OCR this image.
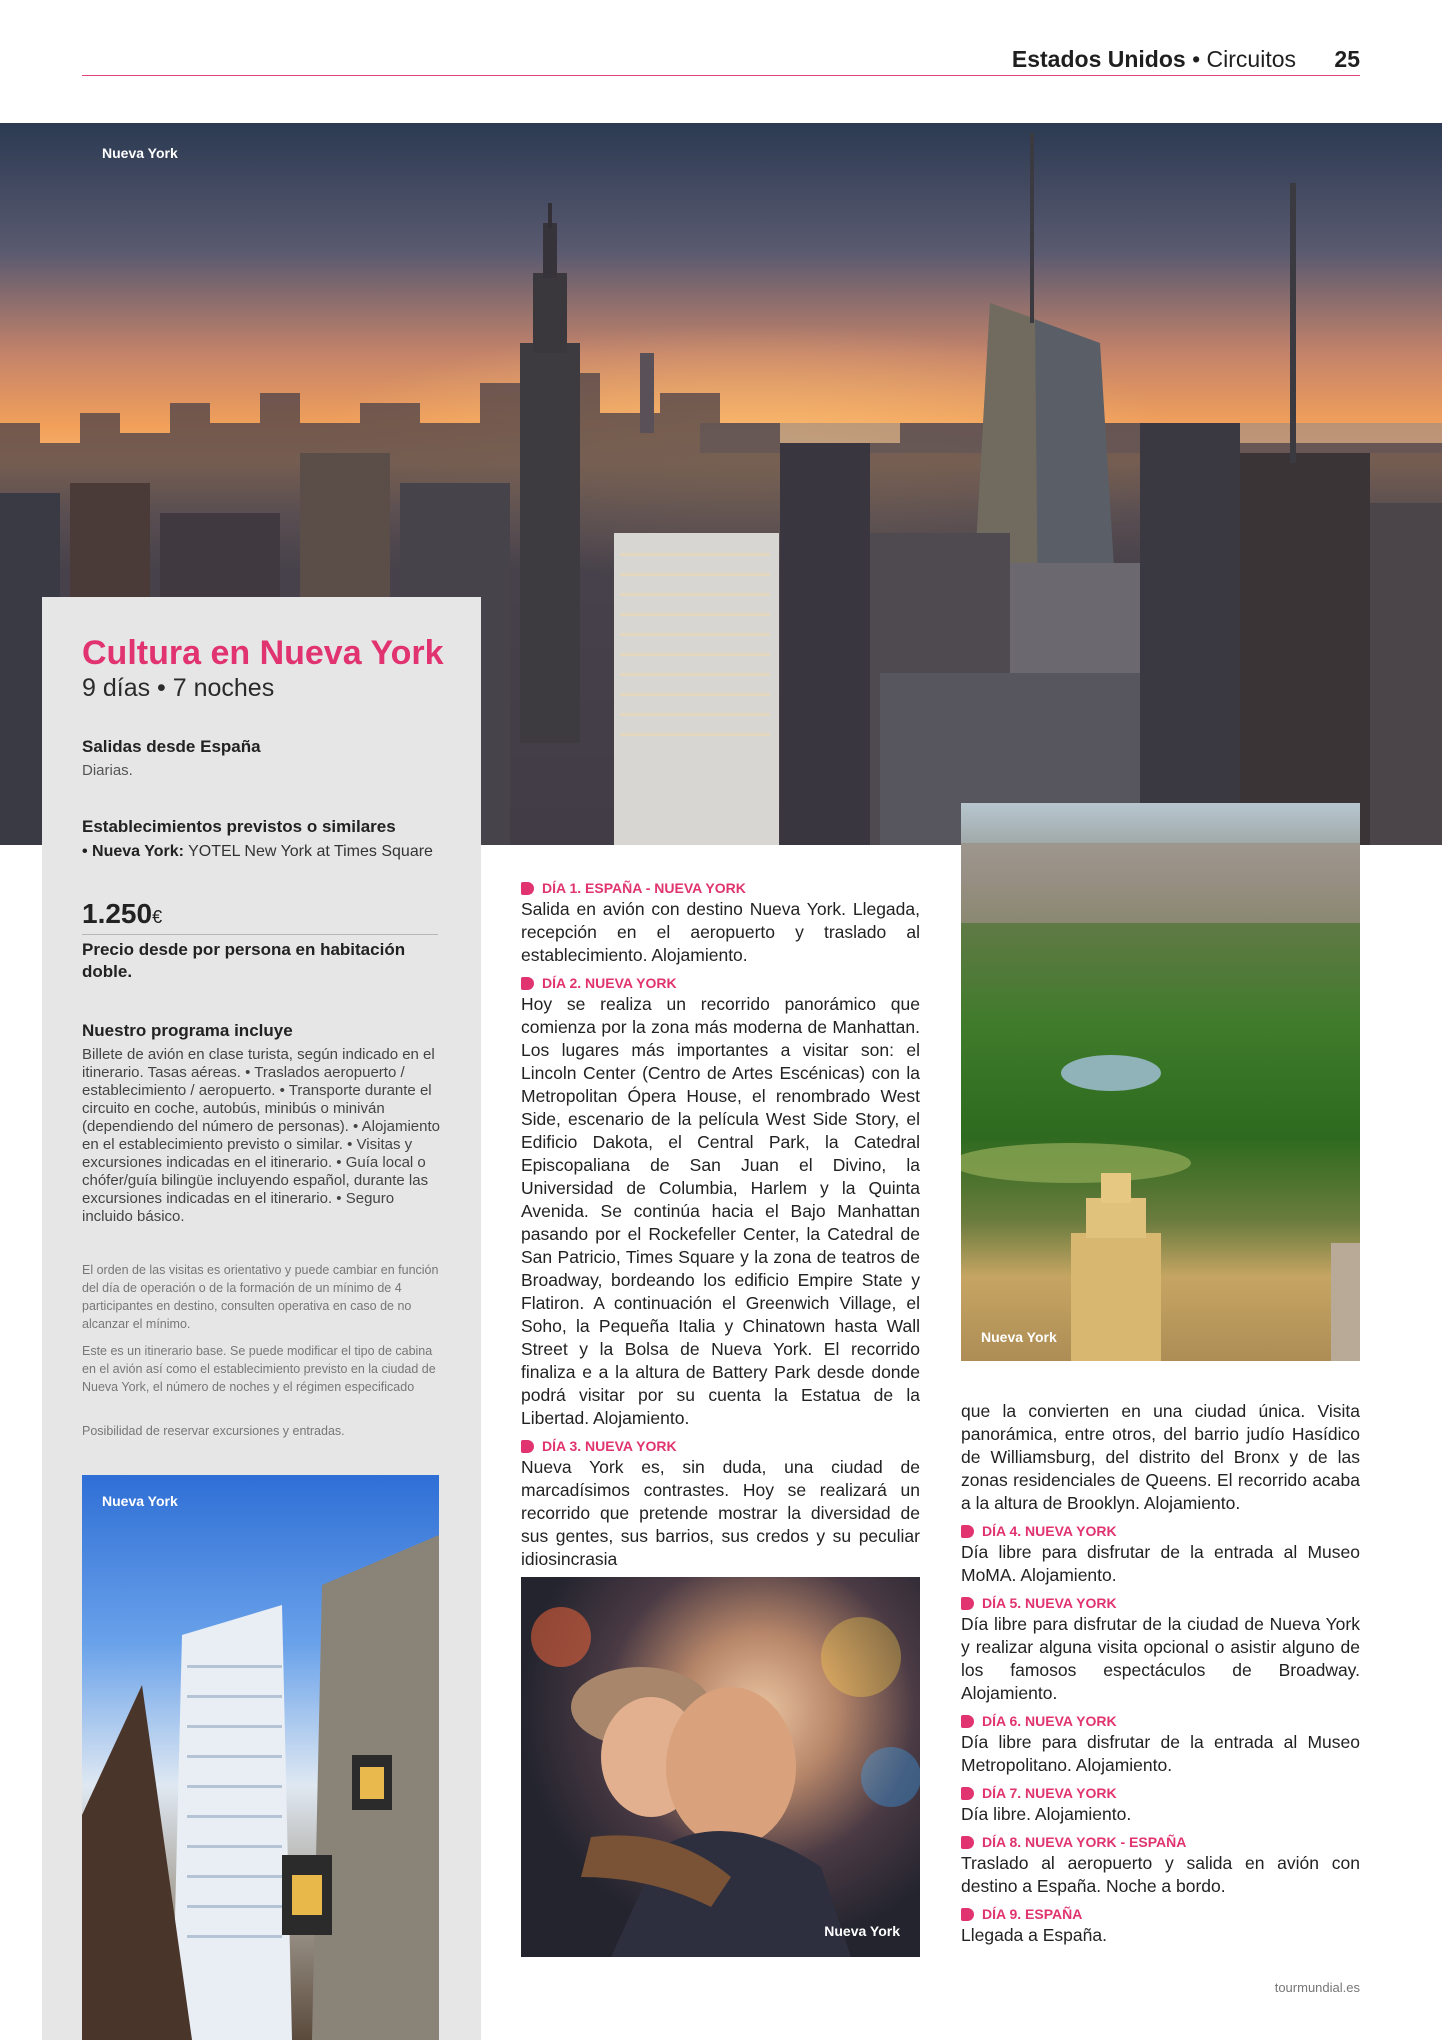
Estados Unidos • Circuitos 25
Nueva York
Cultura en Nueva York
9 días • 7 noches
Salidas desde España
Diarias.
Establecimientos previstos o similares
• Nueva York: YOTEL New York at Times Square
1.250€
Precio desde por persona en habitación doble.
Nuestro programa incluye
Billete de avión en clase turista, según indicado en el itinerario. Tasas aéreas. • Traslados aeropuerto / establecimiento / aeropuerto. • Transporte durante el circuito en coche, autobús, minibús o miniván (dependiendo del número de personas). • Alojamiento en el establecimiento previsto o similar. • Visitas y excursiones indicadas en el itinerario. • Guía local o chófer/guía bilingüe incluyendo español, durante las excursiones indicadas en el itinerario. • Seguro incluido básico.
El orden de las visitas es orientativo y puede cambiar en función del día de operación o de la formación de un mínimo de 4 participantes en destino, consulten operativa en caso de no alcanzar el mínimo.
Este es un itinerario base. Se puede modificar el tipo de cabina en el avión así como el establecimiento previsto en la ciudad de Nueva York, el número de noches y el régimen especificado
Posibilidad de reservar excursiones y entradas.
Nueva York
DÍA 1. ESPAÑA - NUEVA YORK

Salida en avión con destino Nueva York. Llegada, recepción en el aeropuerto y traslado al establecimiento. Alojamiento.

DÍA 2. NUEVA YORK

Hoy se realiza un recorrido panorámico que comienza por la zona más moderna de Manhattan. Los lugares más importantes a visitar son: el Lincoln Center (Centro de Artes Escénicas) con la Metropolitan Ópera House, el renombrado West Side, escenario de la película West Side Story, el Edificio Dakota, el Central Park, la Catedral Episcopaliana de San Juan el Divino, la Universidad de Columbia, Harlem y la Quinta Avenida. Se continúa hacia el Bajo Manhattan pasando por el Rockefeller Center, la Catedral de San Patricio, Times Square y la zona de teatros de Broadway, bordeando los edificio Empire State y Flatiron. A continuación el Greenwich Village, el Soho, la Pequeña Italia y Chinatown hasta Wall Street y la Bolsa de Nueva York. El recorrido finaliza e a la altura de Battery Park desde donde podrá visitar por su cuenta la Estatua de la Libertad. Alojamiento.

DÍA 3. NUEVA YORK

Nueva York es, sin duda, una ciudad de marcadísimos contrastes. Hoy se realizará un recorrido que pretende mostrar la diversidad de sus gentes, sus barrios, sus credos y su peculiar idiosincrasia

Nueva York
Nueva York

que la convierten en una ciudad única. Visita panorámica, entre otros, del barrio judío Hasídico de Williamsburg, del distrito del Bronx y de las zonas residenciales de Queens. El recorrido acaba a la altura de Brooklyn. Alojamiento.

DÍA 4. NUEVA YORK

Día libre para disfrutar de la entrada al Museo MoMA. Alojamiento.

DÍA 5. NUEVA YORK

Día libre para disfrutar de la ciudad de Nueva York y realizar alguna visita opcional o asistir alguno de los famosos espectáculos de Broadway. Alojamiento.

DÍA 6. NUEVA YORK

Día libre para disfrutar de la entrada al Museo Metropolitano. Alojamiento.

DÍA 7. NUEVA YORK

Día libre. Alojamiento.

DÍA 8. NUEVA YORK - ESPAÑA

Traslado al aeropuerto y salida en avión con destino a España. Noche a bordo.

DÍA 9. ESPAÑA

Llegada a España.

tourmundial.es
